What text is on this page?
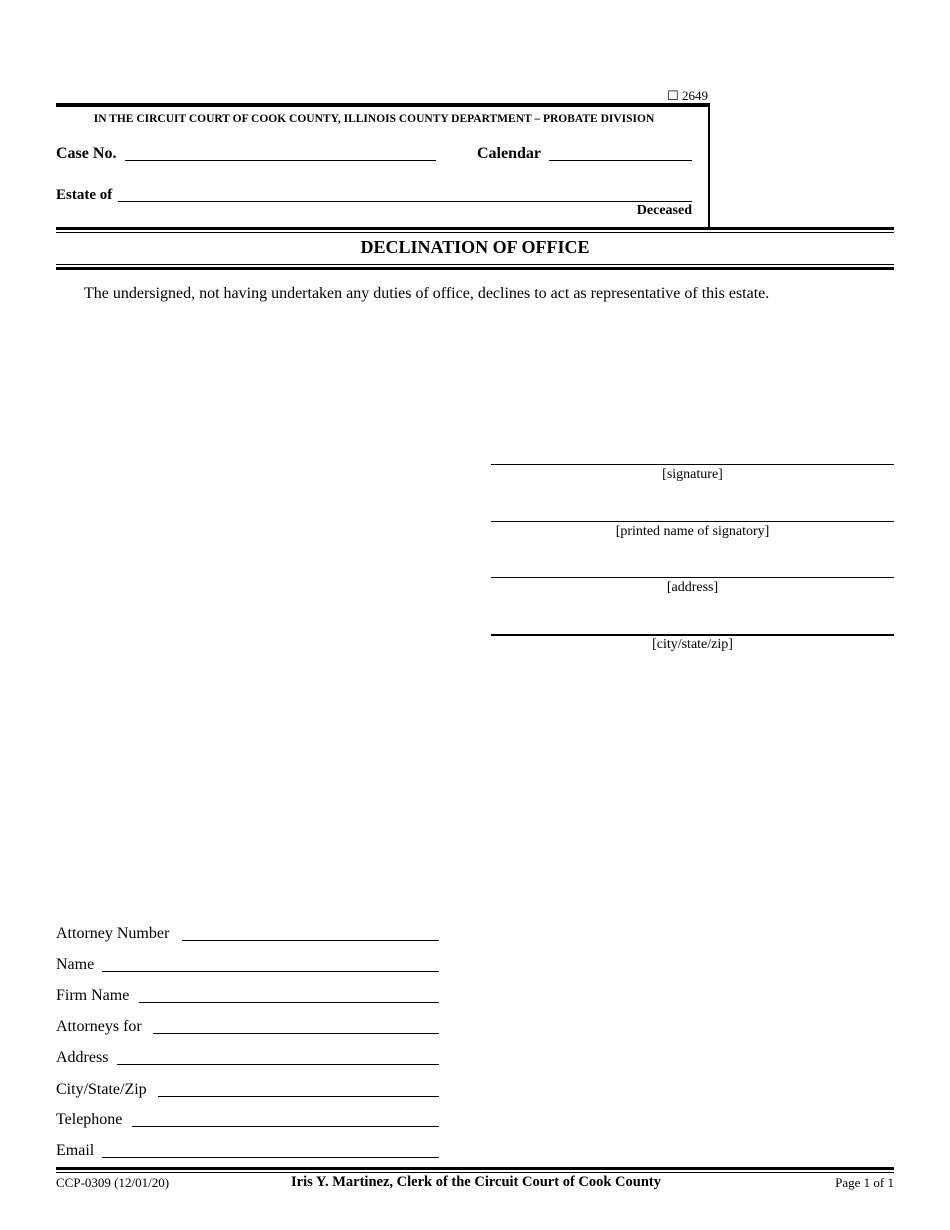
☐ 2649
IN THE CIRCUIT COURT OF COOK COUNTY, ILLINOIS COUNTY DEPARTMENT – PROBATE DIVISION
Case No.	Calendar
Estate of
Deceased
DECLINATION OF OFFICE
The undersigned, not having undertaken any duties of office, declines to act as representative of this estate.
[signature]
[printed name of signatory]
[address]
[city/state/zip]
Attorney Number
Name
Firm Name
Attorneys for
Address
City/State/Zip
Telephone
Email
CCP-0309 (12/01/20)	Iris Y. Martinez, Clerk of the Circuit Court of Cook County	Page 1 of 1
